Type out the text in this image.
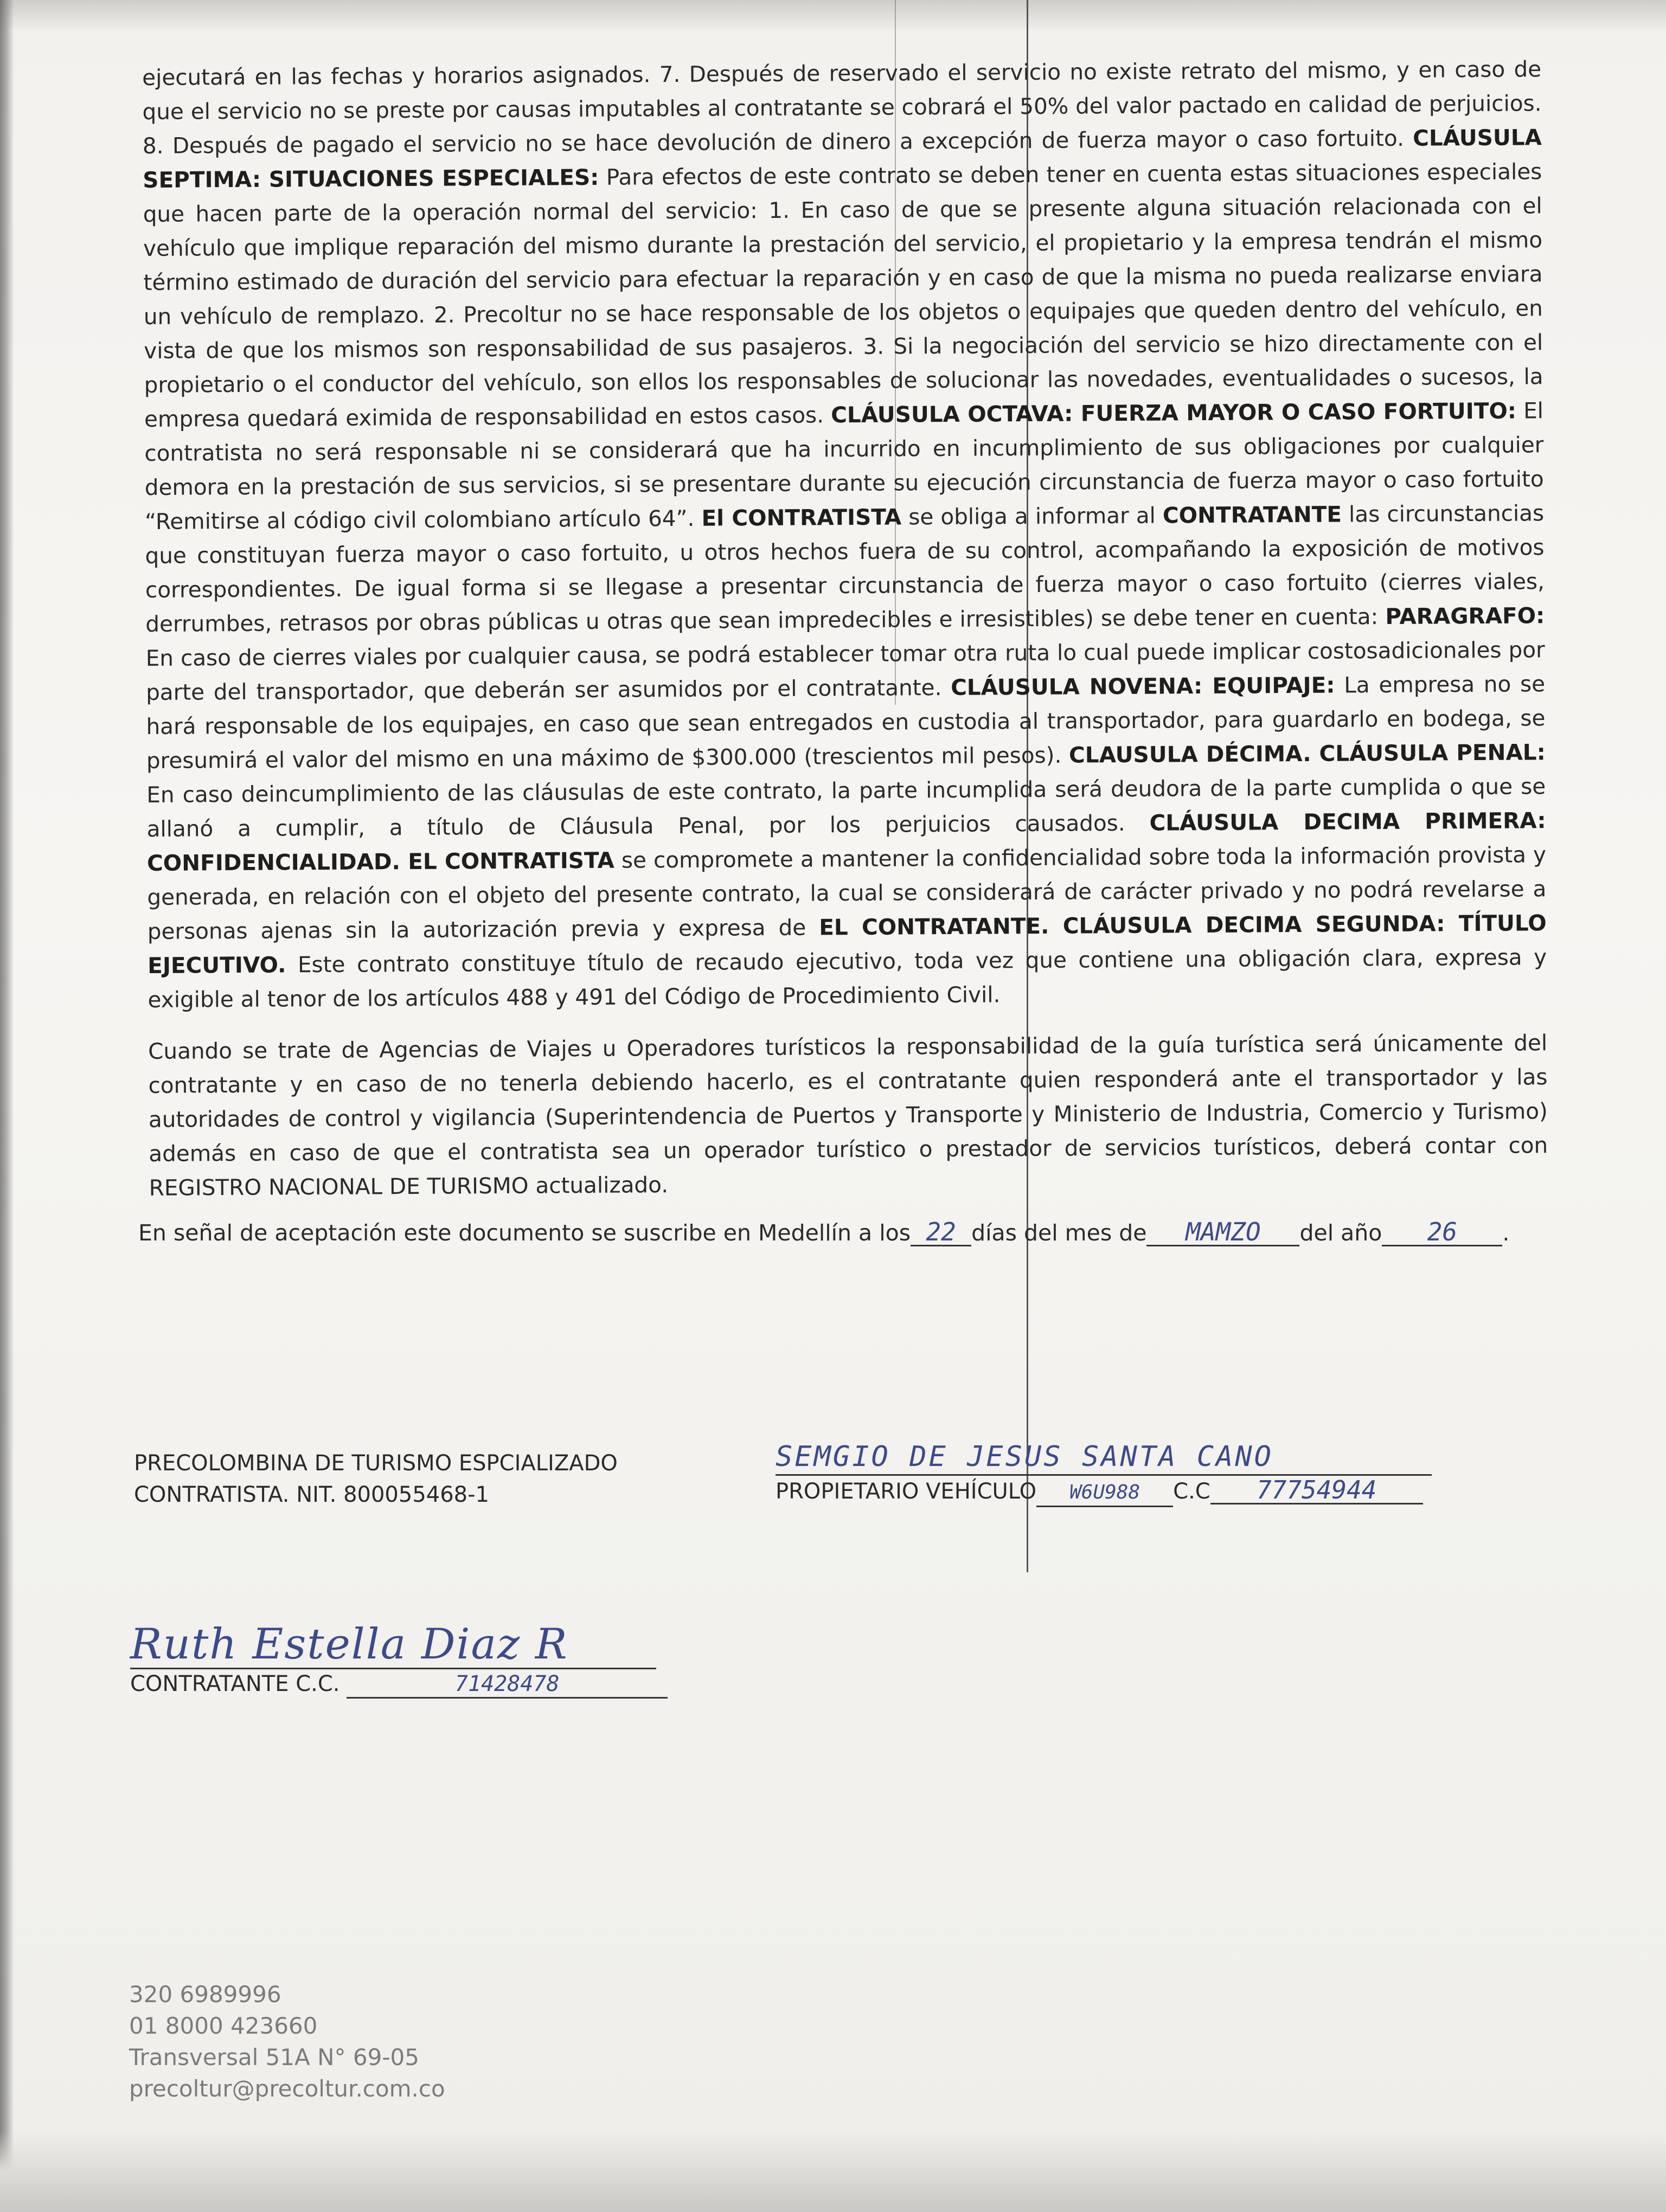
ejecutará en las fechas y horarios asignados. 7. Después de reservado el servicio no existe retrato del mismo, y en caso de que el servicio no se preste por causas imputables al contratante se cobrará el 50% del valor pactado en calidad de perjuicios. 8. Después de pagado el servicio no se hace devolución de dinero a excepción de fuerza mayor o caso fortuito. CLÁUSULA SEPTIMA: SITUACIONES ESPECIALES: Para efectos de este contrato se deben tener en cuenta estas situaciones especiales que hacen parte de la operación normal del servicio: 1. En caso de que se presente alguna situación relacionada con el vehículo que implique reparación del mismo durante la prestación del servicio, el propietario y la empresa tendrán el mismo término estimado de duración del servicio para efectuar la reparación y en caso de que la misma no pueda realizarse enviara un vehículo de remplazo. 2. Precoltur no se hace responsable de los objetos o equipajes que queden dentro del vehículo, en vista de que los mismos son responsabilidad de sus pasajeros. 3. Si la negociación del servicio se hizo directamente con el propietario o el conductor del vehículo, son ellos los responsables de solucionar las novedades, eventualidades o sucesos, la empresa quedará eximida de responsabilidad en estos casos. CLÁUSULA OCTAVA: FUERZA MAYOR O CASO FORTUITO: El contratista no será responsable ni se considerará que ha incurrido en incumplimiento de sus obligaciones por cualquier demora en la prestación de sus servicios, si se presentare durante su ejecución circunstancia de fuerza mayor o caso fortuito “Remitirse al código civil colombiano artículo 64”. El CONTRATISTA se obliga a informar al CONTRATANTE las circunstancias que constituyan fuerza mayor o caso fortuito, u otros hechos fuera de su control, acompañando la exposición de motivos correspondientes. De igual forma si se llegase a presentar circunstancia de fuerza mayor o caso fortuito (cierres viales, derrumbes, retrasos por obras públicas u otras que sean impredecibles e irresistibles) se debe tener en cuenta: PARAGRAFO: En caso de cierres viales por cualquier causa, se podrá establecer tomar otra ruta lo cual puede implicar costosadicionales por parte del transportador, que deberán ser asumidos por el contratante. CLÁUSULA NOVENA: EQUIPAJE: La empresa no se hará responsable de los equipajes, en caso que sean entregados en custodia al transportador, para guardarlo en bodega, se presumirá el valor del mismo en una máximo de $300.000 (trescientos mil pesos). CLAUSULA DÉCIMA. CLÁUSULA PENAL: En caso deincumplimiento de las cláusulas de este contrato, la parte incumplida será deudora de la parte cumplida o que se allanó a cumplir, a título de Cláusula Penal, por los perjuicios causados. CLÁUSULA DECIMA PRIMERA: CONFIDENCIALIDAD. EL CONTRATISTA se compromete a mantener la confidencialidad sobre toda la información provista y generada, en relación con el objeto del presente contrato, la cual se considerará de carácter privado y no podrá revelarse a personas ajenas sin la autorización previa y expresa de EL CONTRATANTE. CLÁUSULA DECIMA SEGUNDA: TÍTULO EJECUTIVO. Este contrato constituye título de recaudo ejecutivo, toda vez que contiene una obligación clara, expresa y exigible al tenor de los artículos 488 y 491 del Código de Procedimiento Civil.

Cuando se trate de Agencias de Viajes u Operadores turísticos la responsabilidad de la guía turística será únicamente del contratante y en caso de no tenerla debiendo hacerlo, es el contratante quien responderá ante el transportador y las autoridades de control y vigilancia (Superintendencia de Puertos y Transporte y Ministerio de Industria, Comercio y Turismo) además en caso de que el contratista sea un operador turístico o prestador de servicios turísticos, deberá contar con REGISTRO NACIONAL DE TURISMO actualizado.

En señal de aceptación este documento se suscribe en Medellín a los 22 días del mes de MAMZO del año 26 .
PRECOLOMBINA DE TURISMO ESPCIALIZADO
CONTRATISTA. NIT. 800055468-1
SEMGIO DE JESUS SANTA CANO
PROPIETARIO VEHÍCULO W6U988 C.C 77754944
Ruth Estella Diaz R
CONTRATANTE C.C.	71428478
320 6989996
01 8000 423660
Transversal 51A N° 69-05
precoltur@precoltur.com.co
